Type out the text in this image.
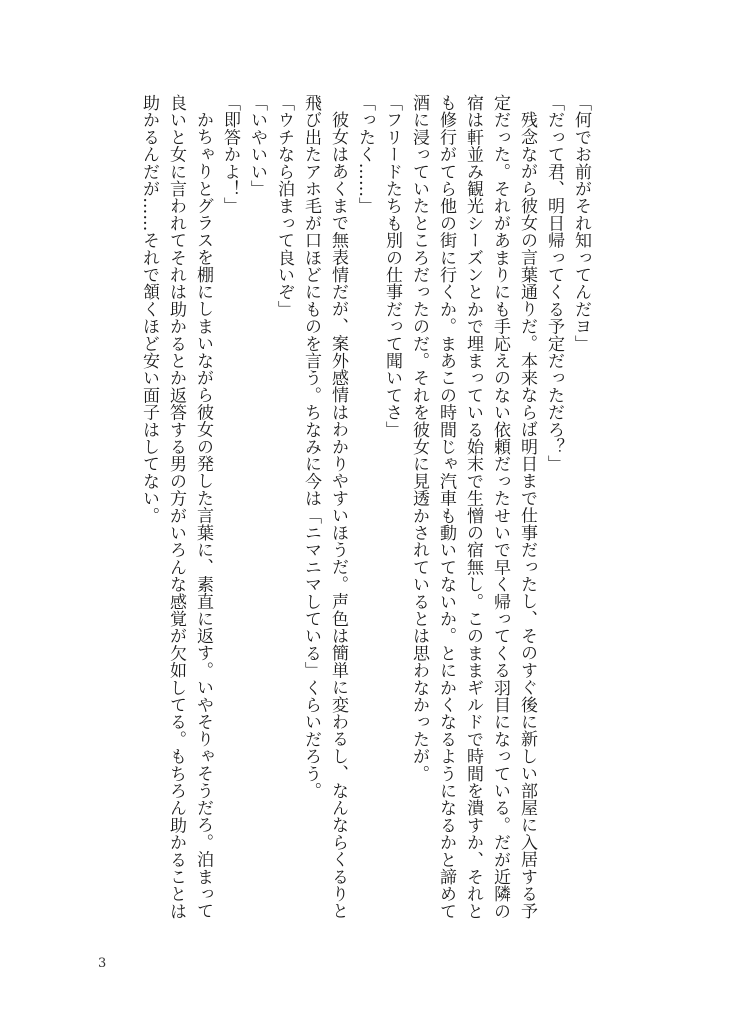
「何でお前がそれ知ってんだヨ」

「だって君、明日帰ってくる予定だっただろ？」

残念ながら彼女の言葉通りだ。本来ならば明日まで仕事だったし、そのすぐ後に新しい部屋に入居する予定だった。それがあまりにも手応えのない依頼だったせいで早く帰ってくる羽目になっている。だが近隣の宿は軒並み観光シーズンとかで埋まっている始末で生憎の宿無し。このままギルドで時間を潰すか、それとも修行がてら他の街に行くか。まあこの時間じゃ汽車も動いてないか。とにかくなるようになるかと諦めて酒に浸っていたところだったのだ。それを彼女に見透かされているとは思わなかったが。

「フリードたちも別の仕事だって聞いてさ」

「ったく……」

彼女はあくまで無表情だが、案外感情はわかりやすいほうだ。声色は簡単に変わるし、なんならくるりと飛び出たアホ毛が口ほどにものを言う。ちなみに今は「ニマニマしている」くらいだろう。

「ウチなら泊まって良いぞ」

「いやいい」

「即答かよ！」

かちゃりとグラスを棚にしまいながら彼女の発した言葉に、素直に返す。いやそりゃそうだろ。泊まって良いと女に言われてそれは助かるとか返答する男の方がいろんな感覚が欠如してる。もちろん助かることは助かるんだが……それで頷くほど安い面子はしてない。

3
